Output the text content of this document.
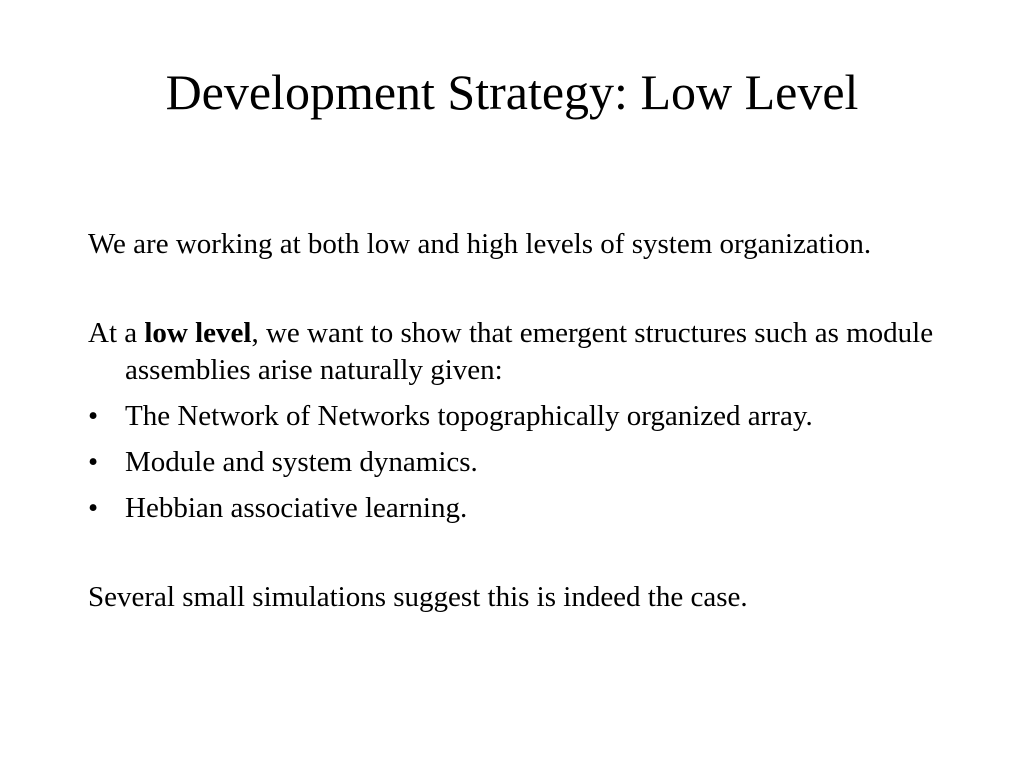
Development Strategy: Low Level

We are working at both low and high levels of system organization.

At a low level, we want to show that emergent structures such as module assemblies arise naturally given:

• The Network of Networks topographically organized array.
• Module and system dynamics.
• Hebbian associative learning.

Several small simulations suggest this is indeed the case.
